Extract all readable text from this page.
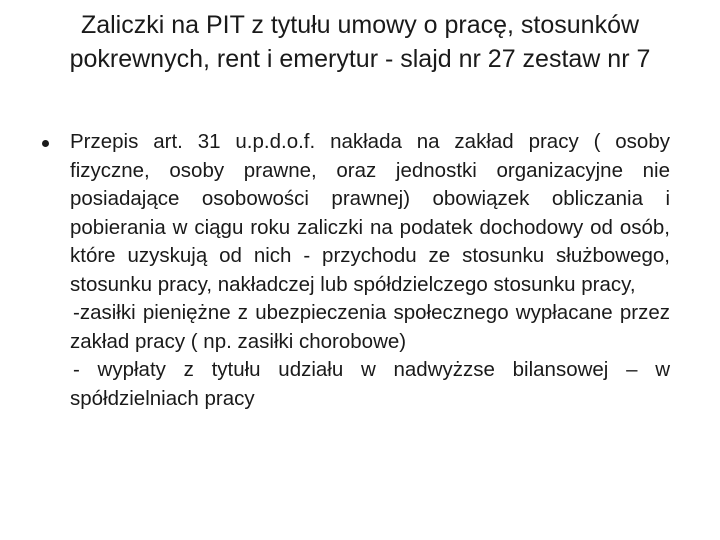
Zaliczki na PIT z tytułu umowy o pracę, stosunków pokrewnych, rent i emerytur - slajd nr 27 zestaw nr 7
Przepis art. 31 u.p.d.o.f. nakłada na zakład pracy ( osoby fizyczne, osoby prawne, oraz jednostki organizacyjne nie posiadające osobowości prawnej) obowiązek obliczania i pobierania w ciągu roku zaliczki na podatek dochodowy od osób, które uzyskują od nich - przychodu ze stosunku służbowego, stosunku pracy, nakładczej lub spółdzielczego stosunku pracy,
-zasiłki pieniężne z ubezpieczenia społecznego wypłacane przez zakład pracy ( np. zasiłki chorobowe)
- wypłaty z tytułu udziału w nadwyżzse bilansowej – w spółdzielniach pracy
